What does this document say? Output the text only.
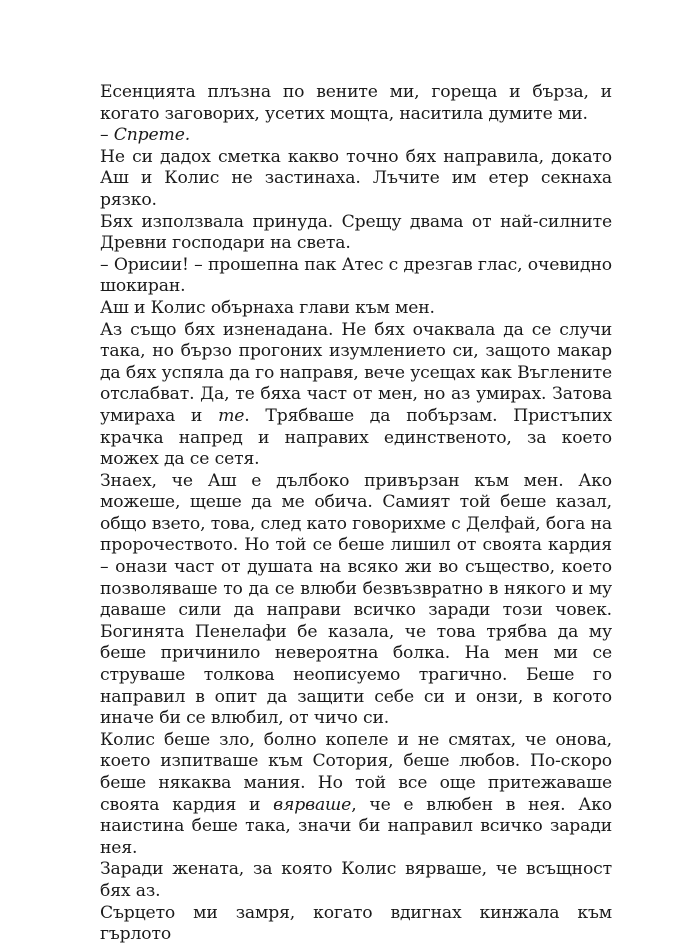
Есенцията плъзна по вените ми, гореща и бърза, и когато заговорих, усетих мощта, наситила думите ми.

– Спрете.

Не си дадох сметка какво точно бях направила, докато Аш и Колис не застинаха. Лъчите им етер секнаха рязко.

Бях използвала принуда. Срещу двама от най-силните Древни господари на света.

– Орисии! – прошепна пак Атес с дрезгав глас, очевидно шокиран.

Аш и Колис обърнаха глави към мен.

Аз също бях изненадана. Не бях очаквала да се случи така, но бързо прогоних изумлението си, защото макар да бях успяла да го направя, вече усещах как Въглените отслабват. Да, те бяха част от мен, но аз умирах. Затова умираха и те. Трябваше да побързам. Пристъпих крачка напред и направих единственото, за което можех да се сетя.

Знаех, че Аш е дълбоко привързан към мен. Ако можеше, щеше да ме обича. Самият той беше казал, общо взето, това, след като говорихме с Делфай, бога на пророчеството. Но той се беше лишил от своята кардия – онази част от душата на всяко жи во същество, което позволяваше то да се влюби безвъзвратно в някого и му даваше сили да направи всичко заради този човек. Богинята Пенелафи бе казала, че това трябва да му беше причинило невероятна болка. На мен ми се струваше толкова неописуемо трагично. Беше го направил в опит да защити себе си и онзи, в когото иначе би се влюбил, от чичо си.

Колис беше зло, болно копеле и не смятах, че онова, което изпитваше към Сотория, беше любов. По-скоро беше някаква мания. Но той все още притежаваше своята кардия и вярваше, че е влюбен в нея. Ако наистина беше така, значи би направил всичко заради нея.

Заради жената, за която Колис вярваше, че всъщност бях аз.

Сърцето ми замря, когато вдигнах кинжала към гърлото
